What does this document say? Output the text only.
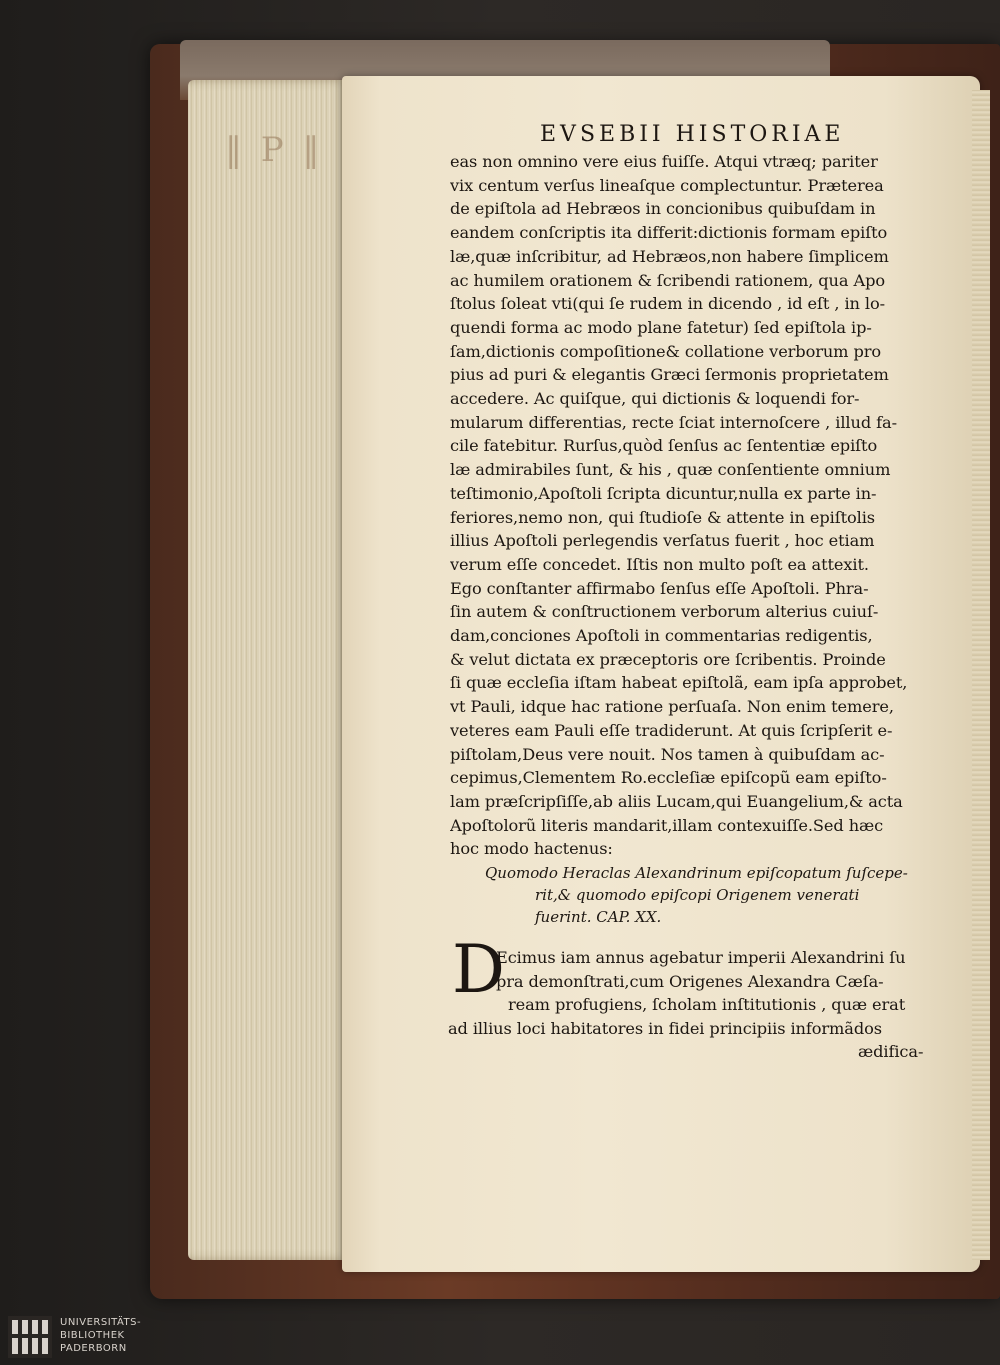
‖ P ‖	EVSEBII HISTORIAE
eas non omnino vere eius fuiſſe. Atqui vtræq; pariter
vix centum verſus lineaſque complectuntur. Præterea
de epiſtola ad Hebræos in concionibus quibuſdam in
eandem conſcriptis ita differit:dictionis formam epiſto
læ,quæ inſcribitur, ad Hebræos,non habere ſimplicem
ac humilem orationem & ſcribendi rationem, qua Apo
ſtolus ſoleat vti(qui ſe rudem in dicendo , id eſt , in lo-
quendi forma ac modo plane fatetur) ſed epiſtola ip-
ſam,dictionis compoſitione& collatione verborum pro
pius ad puri & elegantis Græci ſermonis proprietatem
accedere. Ac quiſque, qui dictionis & loquendi for-
mularum differentias, recte ſciat internoſcere , illud fa-
cile fatebitur. Rurſus,quòd ſenſus ac ſententiæ epiſto
læ admirabiles ſunt, & his , quæ conſentiente omnium
teſtimonio,Apoſtoli ſcripta dicuntur,nulla ex parte in-
feriores,nemo non, qui ſtudioſe & attente in epiſtolis
illius Apoſtoli perlegendis verſatus fuerit , hoc etiam
verum eſſe concedet. Iſtis non multo poſt ea attexit.
Ego conſtanter affirmabo ſenſus eſſe Apoſtoli. Phra-
ſin autem & conſtructionem verborum alterius cuiuſ-
dam,conciones Apoſtoli in commentarias redigentis,
& velut dictata ex præceptoris ore ſcribentis. Proinde
ſi quæ eccleſia iſtam habeat epiſtolã, eam ipſa approbet,
vt Pauli, idque hac ratione perſuaſa. Non enim temere,
veteres eam Pauli eſſe tradiderunt. At quis ſcripſerit e-
piſtolam,Deus vere nouit. Nos tamen à quibuſdam ac-
cepimus,Clementem Ro.eccleſiæ epiſcopũ eam epiſto-
lam præſcripſiſſe,ab aliis Lucam,qui Euangelium,& acta
Apoſtolorũ literis mandarit,illam contexuiſſe.Sed hæc
hoc modo hactenus:
Quomodo Heraclas Alexandrinum epiſcopatum ſuſcepe-
rit,& quomodo epiſcopi Origenem venerati
fuerint. CAP. XX.
D
Ecimus iam annus agebatur imperii Alexandrini ſu
pra demonſtrati,cum Origenes Alexandra Cæſa-
ream profugiens, ſcholam inſtitutionis , quæ erat
ad illius loci habitatores in fidei principiis informãdos
ædifica-
UNIVERSITÄTS-
BIBLIOTHEK
PADERBORN
